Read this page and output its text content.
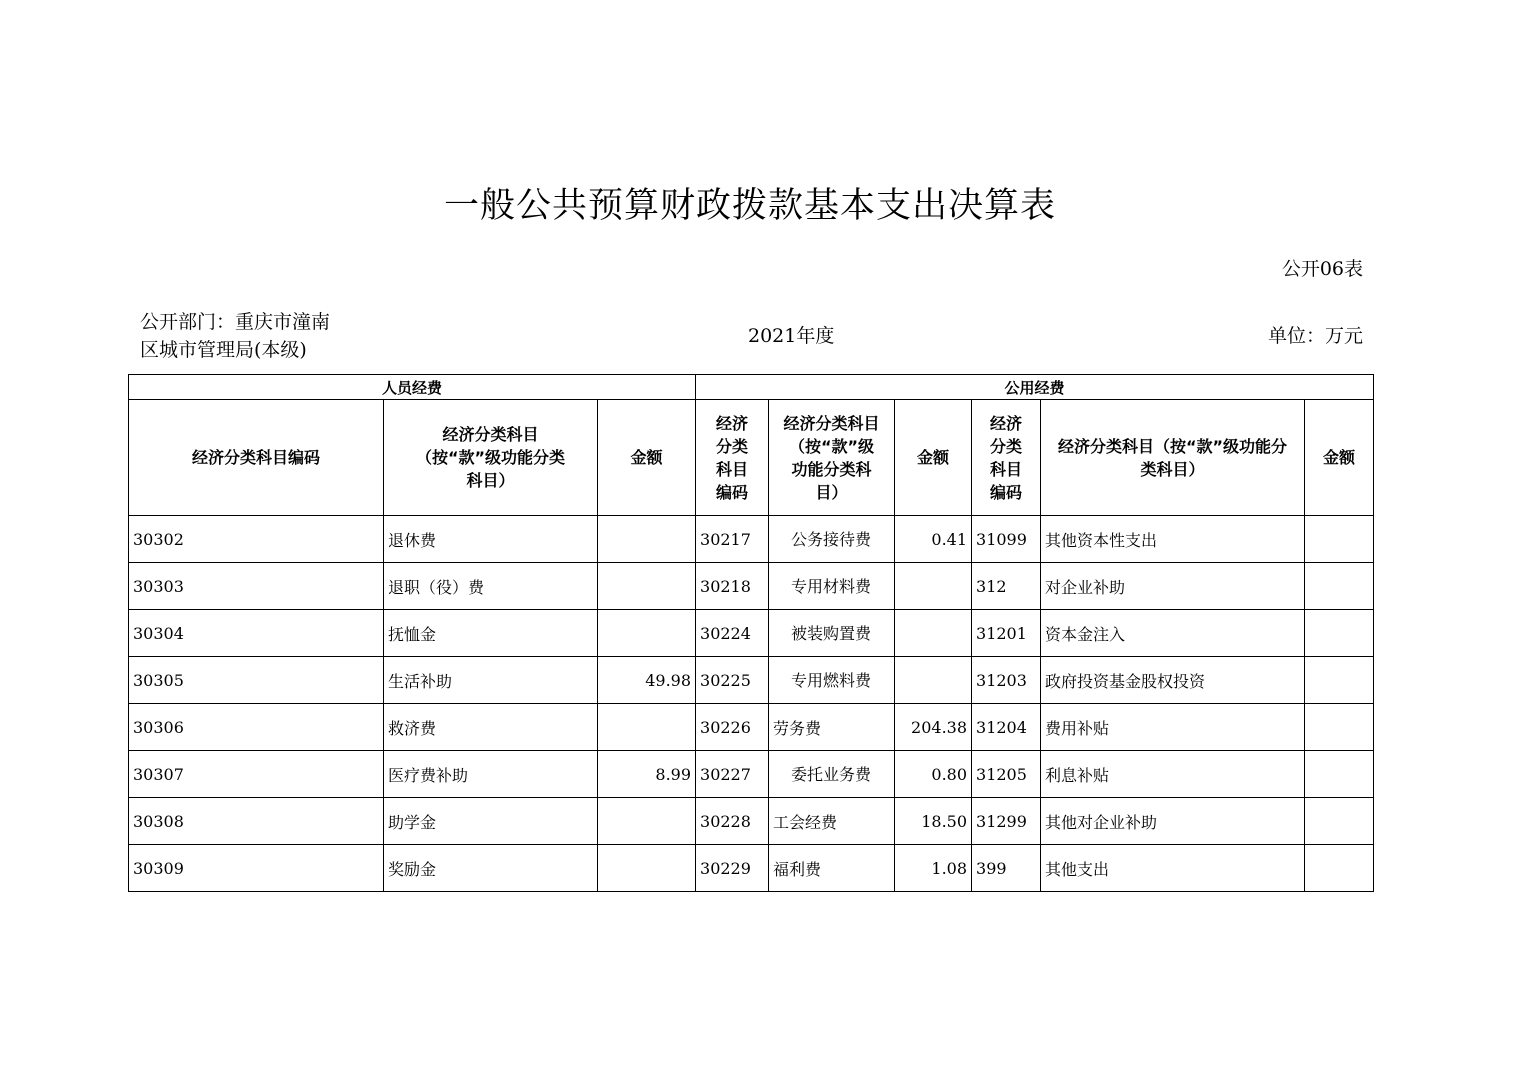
一般公共预算财政拨款基本支出决算表
公开06表
公开部门：重庆市潼南
区城市管理局(本级)
2021年度	单位：万元
人员经费			公用经费					
经济分类科目编码	经济分类科目（按“款”级功能分类科目）	金额	经济分类科目编码	经济分类科目（按“款”级功能分类科目）	金额	经济分类科目编码	经济分类科目（按“款”级功能分类科目）	金额
30302	退休费		30217	公务接待费	0.41	31099	其他资本性支出	
30303	退职（役）费		30218	专用材料费		312	对企业补助	
30304	抚恤金		30224	被装购置费		31201	资本金注入	
30305	生活补助	49.98	30225	专用燃料费		31203	政府投资基金股权投资	
30306	救济费		30226	劳务费	204.38	31204	费用补贴	
30307	医疗费补助	8.99	30227	委托业务费	0.80	31205	利息补贴	
30308	助学金		30228	工会经费	18.50	31299	其他对企业补助	
30309	奖励金		30229	福利费	1.08	399	其他支出	
